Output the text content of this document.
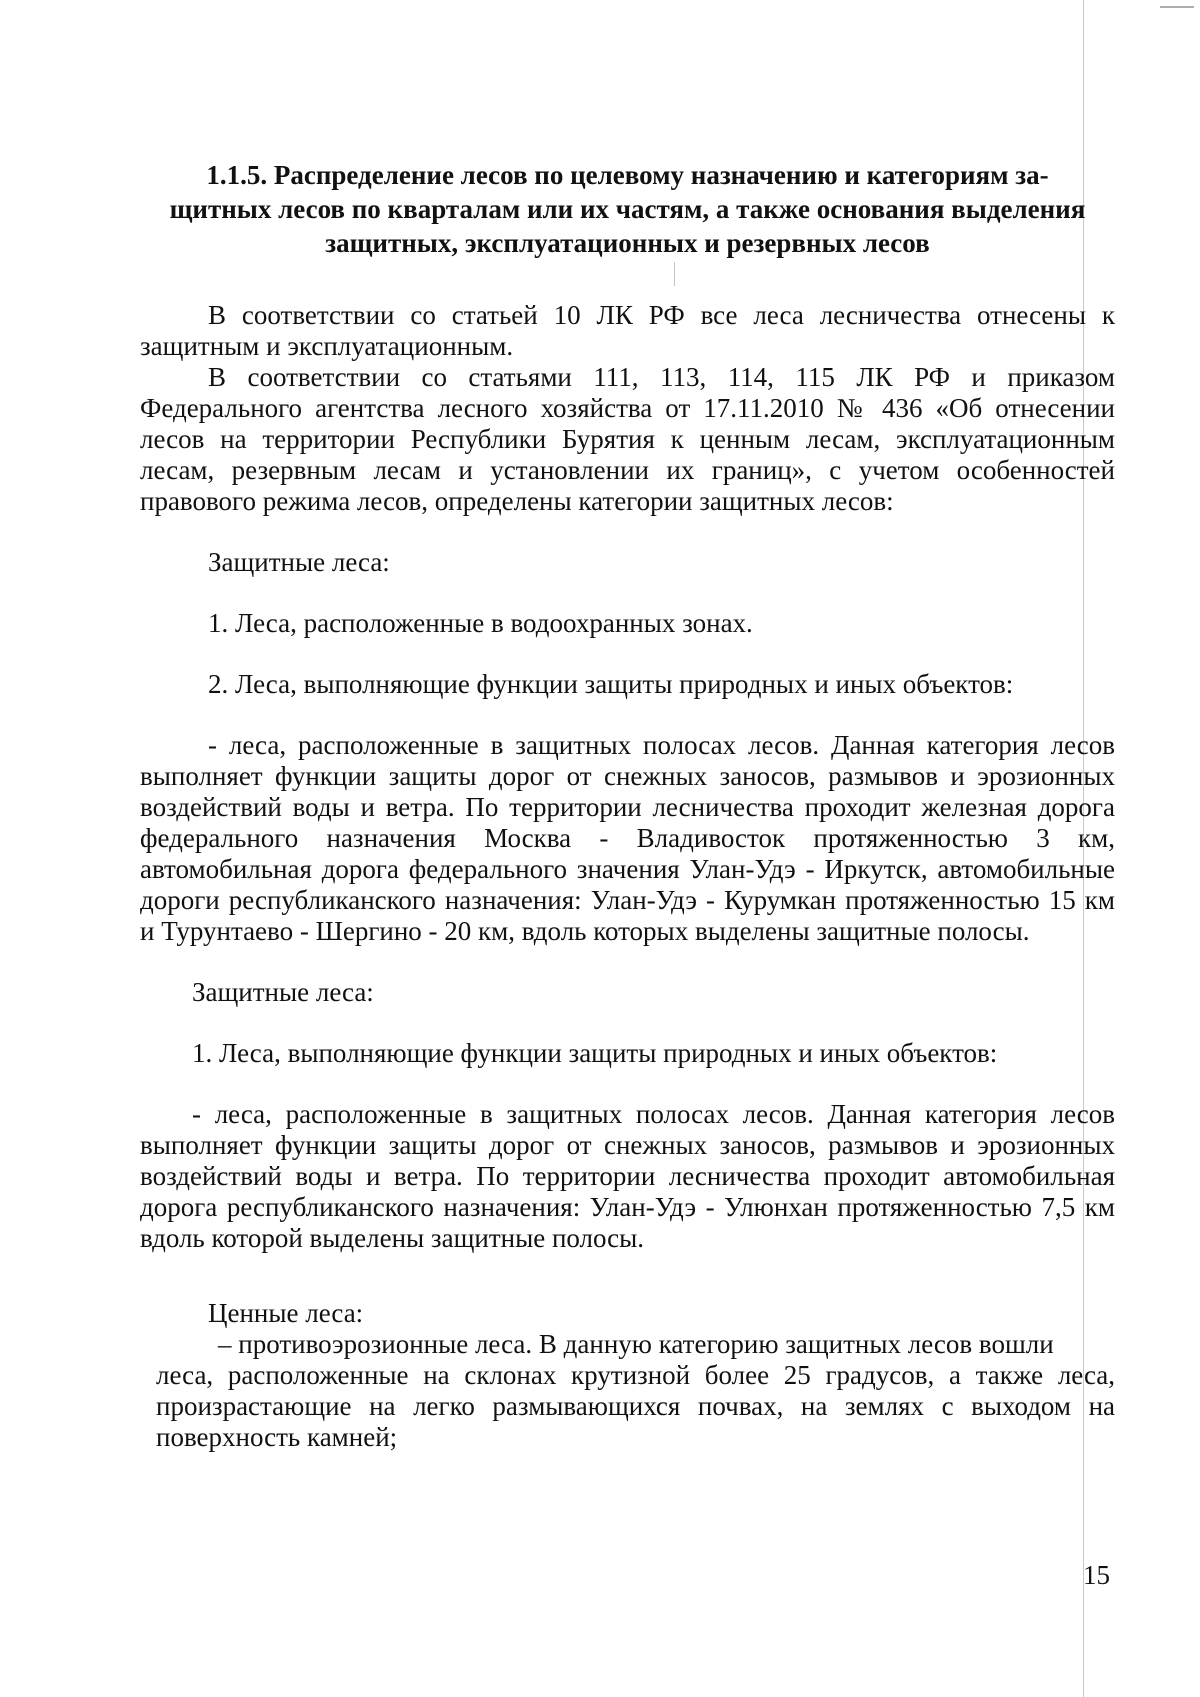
1.1.5. Распределение лесов по целевому назначению и категориям за-
щитных лесов по кварталам или их частям, а также основания выделения
защитных, эксплуатационных и резервных лесов

В соответствии со статьей 10 ЛК РФ все леса лесничества отнесены к защитным и эксплуатационным.

В соответствии со статьями 111, 113, 114, 115 ЛК РФ и приказом Федерального агентства лесного хозяйства от 17.11.2010 № 436 «Об отнесении лесов на территории Республики Бурятия к ценным лесам, эксплуатационным лесам, резервным лесам и установлении их границ», с учетом особенностей правового режима лесов, определены категории защитных лесов:

Защитные леса:

1. Леса, расположенные в водоохранных зонах.

2. Леса, выполняющие функции защиты природных и иных объектов:

- леса, расположенные в защитных полосах лесов. Данная категория лесов выполняет функции защиты дорог от снежных заносов, размывов и эрозионных воздействий воды и ветра. По территории лесничества проходит железная дорога федерального назначения Москва - Владивосток протяженностью 3 км, автомобильная дорога федерального значения Улан-Удэ - Иркутск, автомобильные дороги республиканского назначения: Улан-Удэ - Курумкан протяженностью 15 км и Турунтаево - Шергино - 20 км, вдоль которых выделены защитные полосы.

Защитные леса:

1. Леса, выполняющие функции защиты природных и иных объектов:

- леса, расположенные в защитных полосах лесов. Данная категория лесов выполняет функции защиты дорог от снежных заносов, размывов и эрозионных воздействий воды и ветра. По территории лесничества проходит автомобильная дорога республиканского назначения: Улан-Удэ - Улюнхан протяженностью 7,5 км вдоль которой выделены защитные полосы.

Ценные леса:

– противоэрозионные леса. В данную категорию защитных лесов вошли
леса, расположенные на склонах крутизной более 25 градусов, а также леса, произрастающие на легко размывающихся почвах, на землях с выходом на поверхность камней;

15
